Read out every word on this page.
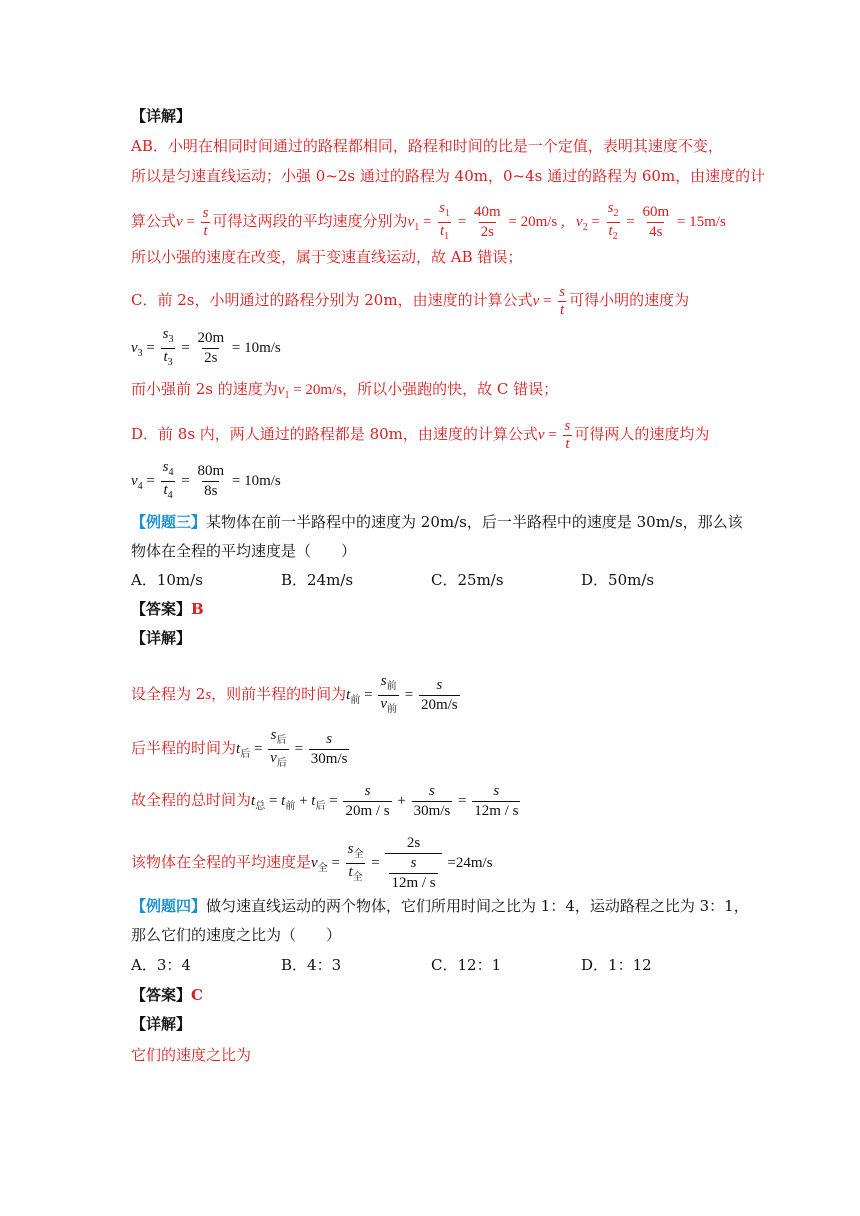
【详解】
AB．小明在相同时间通过的路程都相同，路程和时间的比是一个定值，表明其速度不变，
所以是匀速直线运动；小强 0~2s 通过的路程为 40m，0~4s 通过的路程为 60m，由速度的计
算公式$v = \frac{s}{t}$ 可得这两段的平均速度分别为$v_1 = \frac{s_1}{t_1} = \frac{40m}{2s} = 20m/s$ ,   $v_2 = \frac{s_2}{t_2} = \frac{60m}{4s} = 15m/s$
所以小强的速度在改变，属于变速直线运动，故 AB 错误；
C．前 2s，小明通过的路程分别为 20m，由速度的计算公式$v = \frac{s}{t}$ 可得小明的速度为
$v_3 = \frac{s_3}{t_3} = \frac{20m}{2s} = 10m/s$
而小强前 2s 的速度为$v_1 = 20m/s$，所以小强跑的快，故 C 错误；
D．前 8s 内，两人通过的路程都是 80m，由速度的计算公式$v = \frac{s}{t}$ 可得两人的速度均为
$v_4 = \frac{s_4}{t_4} = \frac{80m}{8s} = 10m/s$
【例题三】某物体在前一半路程中的速度为 20m/s，后一半路程中的速度是 30m/s，那么该
物体在全程的平均速度是（　　）
A．10m/s	B．24m/s	C．25m/s	D．50m/s
【答案】B
【详解】
设全程为 2s，则前半程的时间为$t_前 = \frac{s_前}{v_前} = \frac{s}{20m/s}$
后半程的时间为$t_后 = \frac{s_后}{v_后} = \frac{s}{30m/s}$
故全程的总时间为$t_总 = t_前 + t_后 = \frac{s}{20m / s} + \frac{s}{30m/s} = \frac{s}{12m / s}$
该物体在全程的平均速度是$v_全 = \frac{s_全}{t_全} = \frac{2s}{\frac{s}{12m / s}} =24m/s$
【例题四】做匀速直线运动的两个物体，它们所用时间之比为 1：4，运动路程之比为 3：1，
那么它们的速度之比为（　　）
A．3：4	B．4：3	C．12：1	D．1：12
【答案】C
【详解】
它们的速度之比为
